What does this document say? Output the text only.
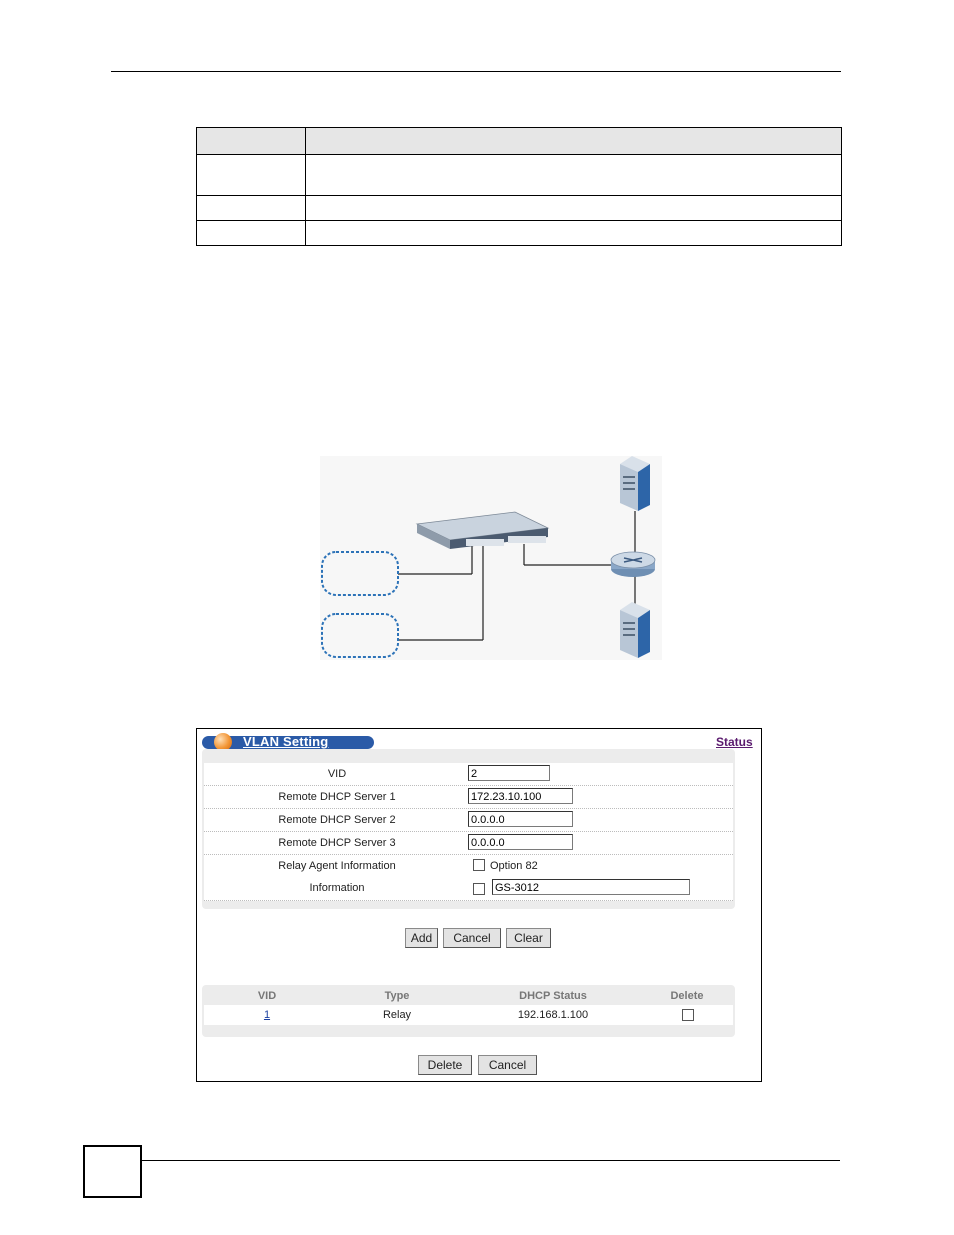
VLAN Setting	Status
VID	2
Remote DHCP Server 1	172.23.10.100
Remote DHCP Server 2	0.0.0.0
Remote DHCP Server 3	0.0.0.0
Relay Agent Information	Option 82
Information	GS-3012
Add	Cancel	Clear
VID	Type	DHCP Status	Delete
1	Relay	192.168.1.100
Delete	Cancel
